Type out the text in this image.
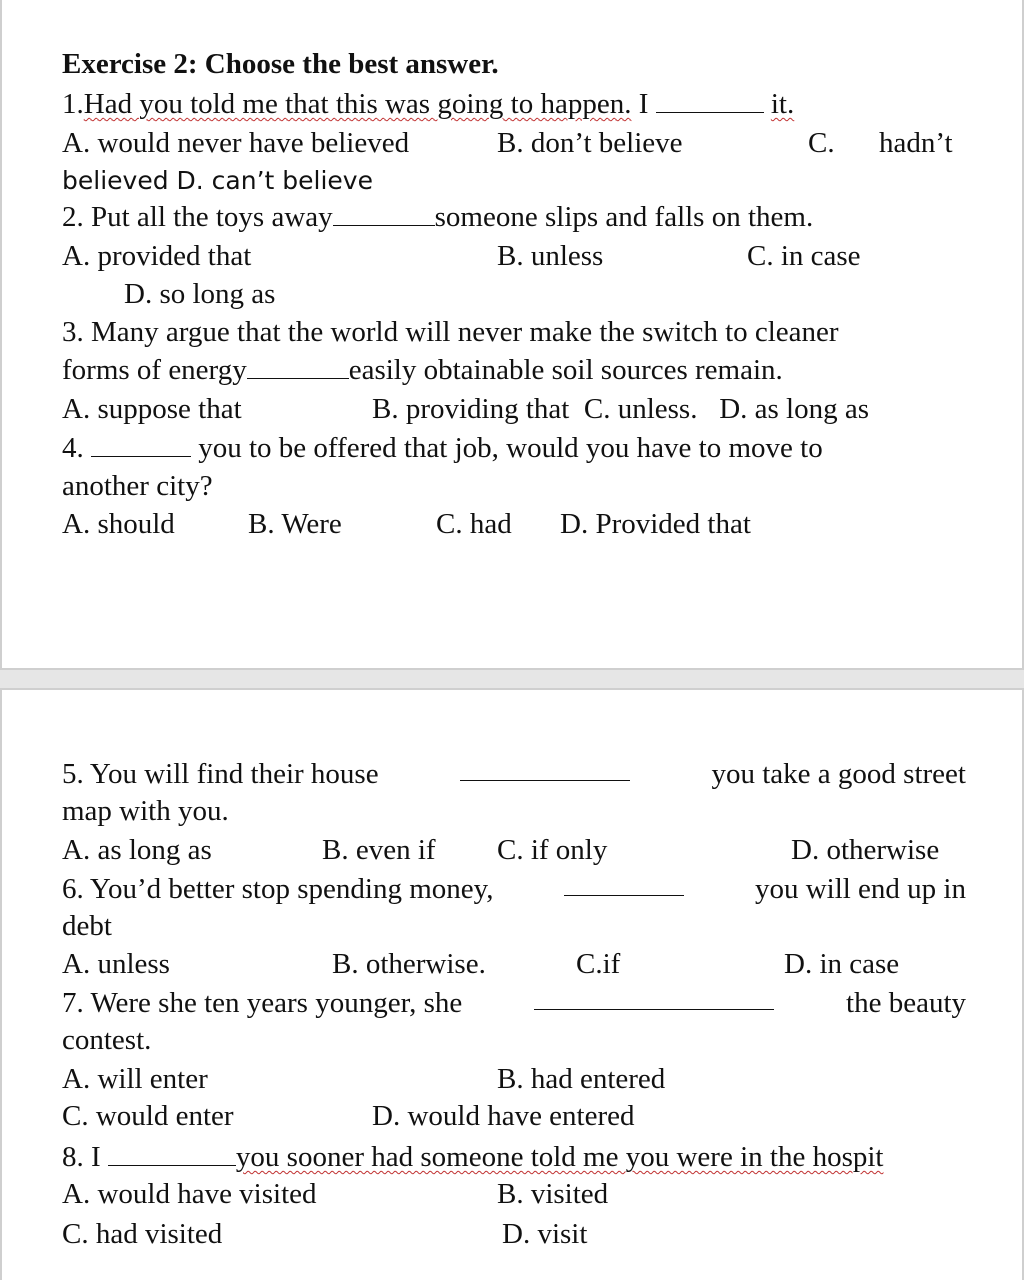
Exercise 2: Choose the best answer.
1.Had you told me that this was going to happen. I	it.
A. would never have believed	B. don’t believe	C. hadn’t
believed D. can’t believe
2. Put all the toys away	someone slips and falls on them.
A. provided that	B. unless	C. in case
D. so long as
3. Many argue that the world will never make the switch to cleaner
forms of energy	easily obtainable soil sources remain.
A. suppose that	B. providing that  C. unless.   D. as long as
4.	you to be offered that job, would you have to move to
another city?
A. should	B. Were	C. had D. Provided that
5. You will find their house	you take a good street
map with you.
A. as long as	B. even if C. if only	D. otherwise
6. You’d better stop spending money,	you will end up in
debt
A. unless	B. otherwise.	C.if	D. in case
7. Were she ten years younger, she	the beauty
contest.
A. will enter	B. had entered
C. would enter	D. would have entered
8. I	you sooner had someone told me you were in the hospit
A. would have visited	B. visited
C. had visited	D. visit
